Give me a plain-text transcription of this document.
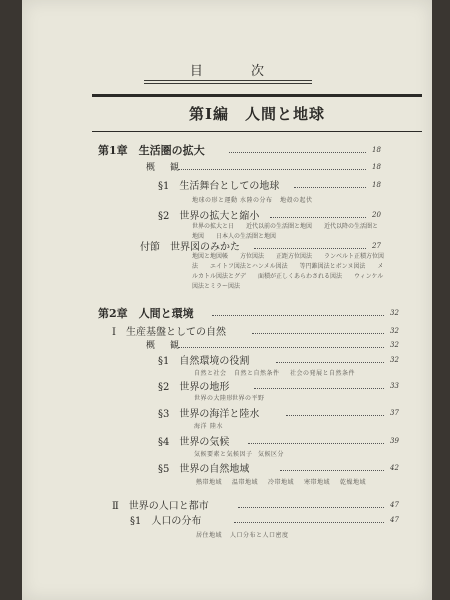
目 次
第Ⅰ編　人間と地球
第1章　生活圏の拡大	18
概　観	18
§1　生活舞台としての地球	18
地球の形と運動 水陸の分布 地殻の起伏
§2　世界の拡大と縮小	20
世界の拡大と日　　近代以前の生活圏と地図　　近代以降の生活圏と地図　　日本人の生活圏と地図
付節　世界図のみかた	27
地図と地図帳　　方位図法　　正距方位図法　　ランベルト正積方位図法　　エイトフ図法とハンメル図法　　等円錐図法とボンヌ図法　　メルカトル図法とグデ　　面積が正しくあらわされる図法　　ウィンケル図法とミラー図法
第2章　人間と環境	32
Ⅰ　生産基盤としての自然	32
概　観	32
§1　自然環境の役割	32
自然と社会 自然と自然条件 社会の発展と自然条件
§2　世界の地形	33
世界の大陸形
世界の平野
§3　世界の海洋と陸水	37
海洋 陸水
§4　世界の気候	39
気候要素と気候因子 気候区分
§5　世界の自然地域	42
熱帯地域 温帯地域 冷帯地域 寒帯地域 乾燥地域
Ⅱ　世界の人口と都市	47
§1　人口の分布	47
居住地域 人口分布と人口密度
